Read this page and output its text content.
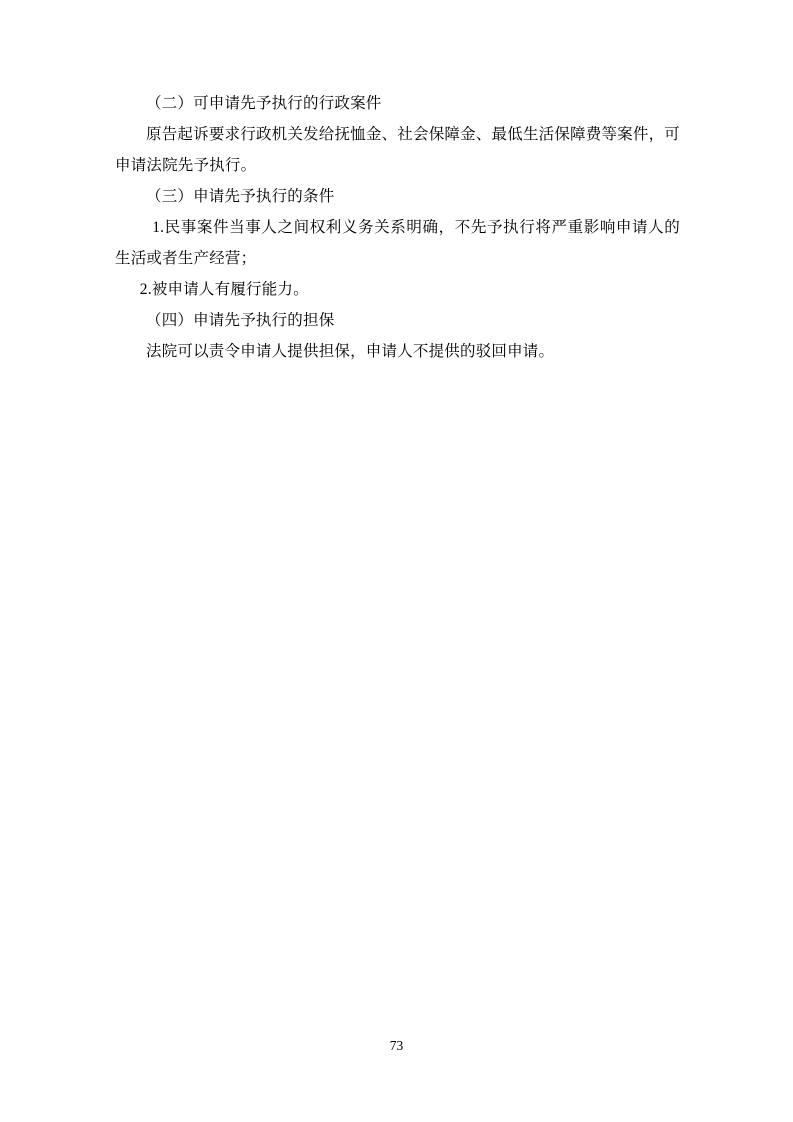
（二）可申请先予执行的行政案件

原告起诉要求行政机关发给抚恤金、社会保障金、最低生活保障费等案件，可申请法院先予执行。

（三）申请先予执行的条件

1.民事案件当事人之间权利义务关系明确，不先予执行将严重影响申请人的生活或者生产经营；

2.被申请人有履行能力。

（四）申请先予执行的担保

法院可以责令申请人提供担保，申请人不提供的驳回申请。

73
